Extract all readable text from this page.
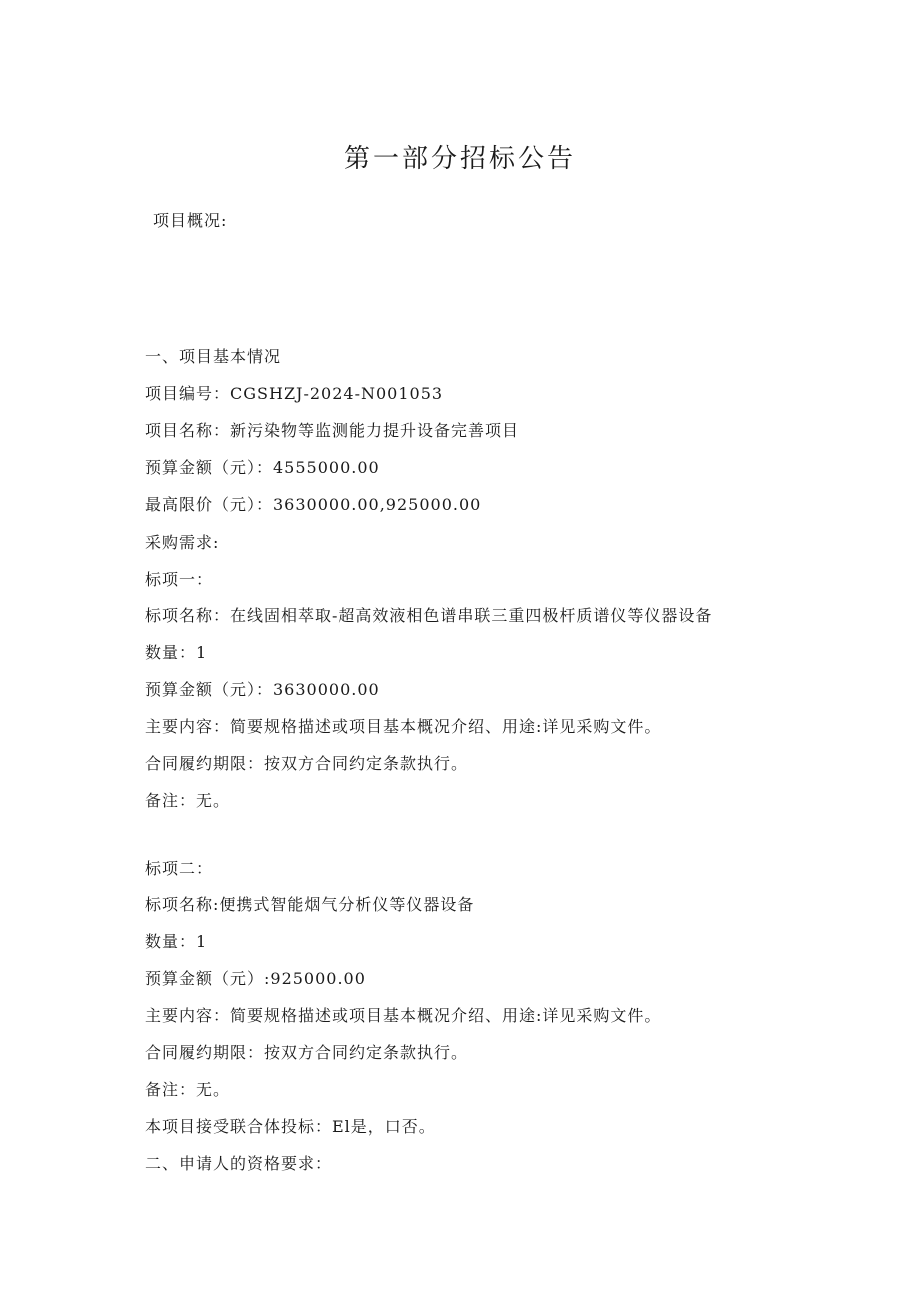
第一部分招标公告
项目概况:
一、项目基本情况
项目编号：CGSHZJ-2024-N001053
项目名称：新污染物等监测能力提升设备完善项目
预算金额（元）：4555000.00
最高限价（元）：3630000.00,925000.00
采购需求:
标项一：
标项名称：在线固相萃取-超高效液相色谱串联三重四极杆质谱仪等仪器设备
数量：1
预算金额（元）：3630000.00
主要内容：简要规格描述或项目基本概况介绍、用途:详见采购文件。
合同履约期限：按双方合同约定条款执行。
备注：无。
标项二：
标项名称:便携式智能烟气分析仪等仪器设备
数量：1
预算金额（元）:925000.00
主要内容：简要规格描述或项目基本概况介绍、用途:详见采购文件。
合同履约期限：按双方合同约定条款执行。
备注：无。
本项目接受联合体投标：El是，口否。
二、申请人的资格要求：
